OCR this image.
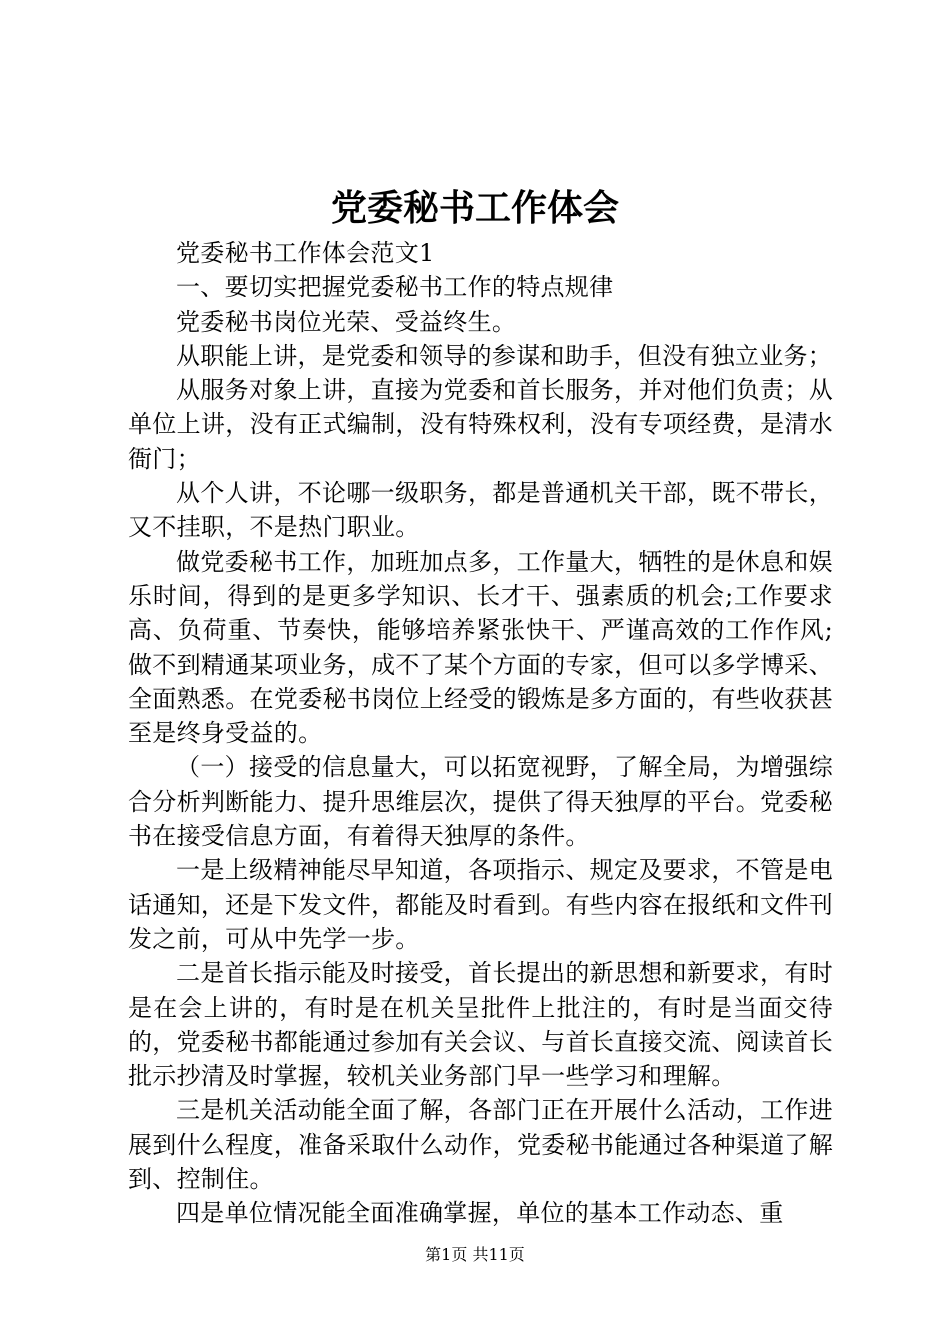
党委秘书工作体会

党委秘书工作体会范文1

一、要切实把握党委秘书工作的特点规律

党委秘书岗位光荣、受益终生。

从职能上讲，是党委和领导的参谋和助手，但没有独立业务；

从服务对象上讲，直接为党委和首长服务，并对他们负责；从单位上讲，没有正式编制，没有特殊权利，没有专项经费，是清水衙门；

从个人讲，不论哪一级职务，都是普通机关干部，既不带长，又不挂职，不是热门职业。

做党委秘书工作，加班加点多，工作量大，牺牲的是休息和娱乐时间，得到的是更多学知识、长才干、强素质的机会;工作要求高、负荷重、节奏快，能够培养紧张快干、严谨高效的工作作风;做不到精通某项业务，成不了某个方面的专家，但可以多学博采、全面熟悉。在党委秘书岗位上经受的锻炼是多方面的，有些收获甚至是终身受益的。

（一）接受的信息量大，可以拓宽视野，了解全局，为增强综合分析判断能力、提升思维层次，提供了得天独厚的平台。党委秘书在接受信息方面，有着得天独厚的条件。

一是上级精神能尽早知道，各项指示、规定及要求，不管是电话通知，还是下发文件，都能及时看到。有些内容在报纸和文件刊发之前，可从中先学一步。

二是首长指示能及时接受，首长提出的新思想和新要求，有时是在会上讲的，有时是在机关呈批件上批注的，有时是当面交待的，党委秘书都能通过参加有关会议、与首长直接交流、阅读首长批示抄清及时掌握，较机关业务部门早一些学习和理解。

三是机关活动能全面了解，各部门正在开展什么活动，工作进展到什么程度，准备采取什么动作，党委秘书能通过各种渠道了解到、控制住。

四是单位情况能全面准确掌握，单位的基本工作动态、重

第1页 共11页
